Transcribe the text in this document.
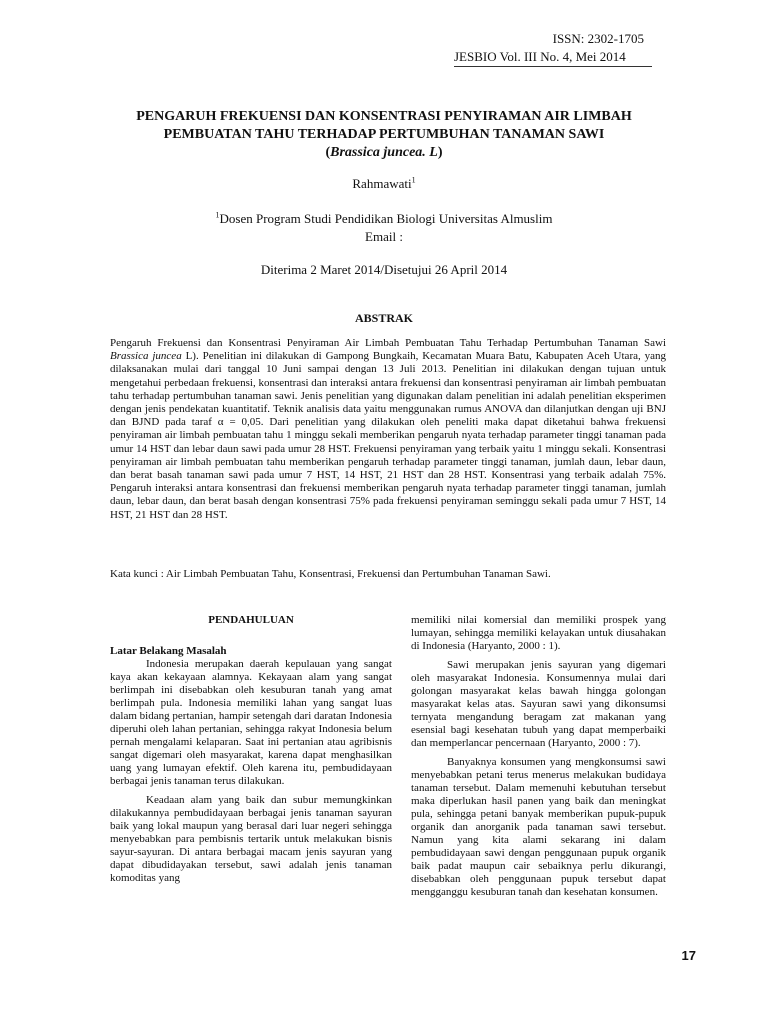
ISSN: 2302-1705
JESBIO Vol. III No. 4, Mei 2014
PENGARUH FREKUENSI DAN KONSENTRASI PENYIRAMAN AIR LIMBAH
PEMBUATAN TAHU TERHADAP PERTUMBUHAN TANAMAN SAWI
(Brassica juncea. L)
Rahmawati$^1$
$^1$Dosen Program Studi Pendidikan Biologi Universitas Almuslim
Email :
Diterima 2 Maret 2014/Disetujui 26 April 2014
ABSTRAK
Pengaruh Frekuensi dan Konsentrasi Penyiraman Air Limbah Pembuatan Tahu Terhadap Pertumbuhan Tanaman Sawi Brassica juncea L). Penelitian ini dilakukan di Gampong Bungkaih, Kecamatan Muara Batu, Kabupaten Aceh Utara, yang dilaksanakan mulai dari tanggal 10 Juni sampai dengan 13 Juli 2013. Penelitian ini dilakukan dengan tujuan untuk mengetahui perbedaan frekuensi, konsentrasi dan interaksi antara frekuensi dan konsentrasi penyiraman air limbah pembuatan tahu terhadap pertumbuhan tanaman sawi. Jenis penelitian yang digunakan dalam penelitian ini adalah penelitian eksperimen dengan jenis pendekatan kuantitatif. Teknik analisis data yaitu menggunakan rumus ANOVA dan dilanjutkan dengan uji BNJ dan BJND pada taraf α = 0,05. Dari penelitian yang dilakukan oleh peneliti maka dapat diketahui bahwa frekuensi penyiraman air limbah pembuatan tahu 1 minggu sekali memberikan pengaruh nyata terhadap parameter tinggi tanaman pada umur 14 HST dan lebar daun sawi pada umur 28 HST. Frekuensi penyiraman yang terbaik yaitu 1 minggu sekali. Konsentrasi penyiraman air limbah pembuatan tahu memberikan pengaruh terhadap parameter tinggi tanaman, jumlah daun, lebar daun, dan berat basah tanaman sawi pada umur 7 HST, 14 HST, 21 HST dan 28 HST. Konsentrasi yang terbaik adalah 75%. Pengaruh interaksi antara konsentrasi dan frekuensi memberikan pengaruh nyata terhadap parameter tinggi tanaman, jumlah daun, lebar daun, dan berat basah dengan konsentrasi 75% pada frekuensi penyiraman seminggu sekali pada umur 7 HST, 14 HST, 21 HST dan 28 HST.
Kata kunci : Air Limbah Pembuatan Tahu, Konsentrasi, Frekuensi dan Pertumbuhan Tanaman Sawi.
PENDAHULUAN
Latar Belakang Masalah

Indonesia merupakan daerah kepulauan yang sangat kaya akan kekayaan alamnya. Kekayaan alam yang sangat berlimpah ini disebabkan oleh kesuburan tanah yang amat berlimpah pula. Indonesia memiliki lahan yang sangat luas dalam bidang pertanian, hampir setengah dari daratan Indonesia diperuhi oleh lahan pertanian, sehingga rakyat Indonesia belum pernah mengalami kelaparan. Saat ini pertanian atau agribisnis sangat digemari oleh masyarakat, karena dapat menghasilkan uang yang lumayan efektif. Oleh karena itu, pembudidayaan berbagai jenis tanaman terus dilakukan.

Keadaan alam yang baik dan subur memungkinkan dilakukannya pembudidayaan berbagai jenis tanaman sayuran baik yang lokal maupun yang berasal dari luar negeri sehingga menyebabkan para pembisnis tertarik untuk melakukan bisnis sayur-sayuran. Di antara berbagai macam jenis sayuran yang dapat dibudidayakan tersebut, sawi adalah jenis tanaman komoditas yang

memiliki nilai komersial dan memiliki prospek yang lumayan, sehingga memiliki kelayakan untuk diusahakan di Indonesia (Haryanto, 2000 : 1).

Sawi merupakan jenis sayuran yang digemari oleh masyarakat Indonesia. Konsumennya mulai dari golongan masyarakat kelas bawah hingga golongan masyarakat kelas atas. Sayuran sawi yang dikonsumsi ternyata mengandung beragam zat makanan yang esensial bagi kesehatan tubuh yang dapat memperbaiki dan memperlancar pencernaan (Haryanto, 2000 : 7).

Banyaknya konsumen yang mengkonsumsi sawi menyebabkan petani terus menerus melakukan budidaya tanaman tersebut. Dalam memenuhi kebutuhan tersebut maka diperlukan hasil panen yang baik dan meningkat pula, sehingga petani banyak memberikan pupuk-pupuk organik dan anorganik pada tanaman sawi tersebut. Namun yang kita alami sekarang ini dalam pembudidayaan sawi dengan penggunaan pupuk organik baik padat maupun cair sebaiknya perlu dikurangi, disebabkan oleh penggunaan pupuk tersebut dapat mengganggu kesuburan tanah dan kesehatan konsumen.

17
